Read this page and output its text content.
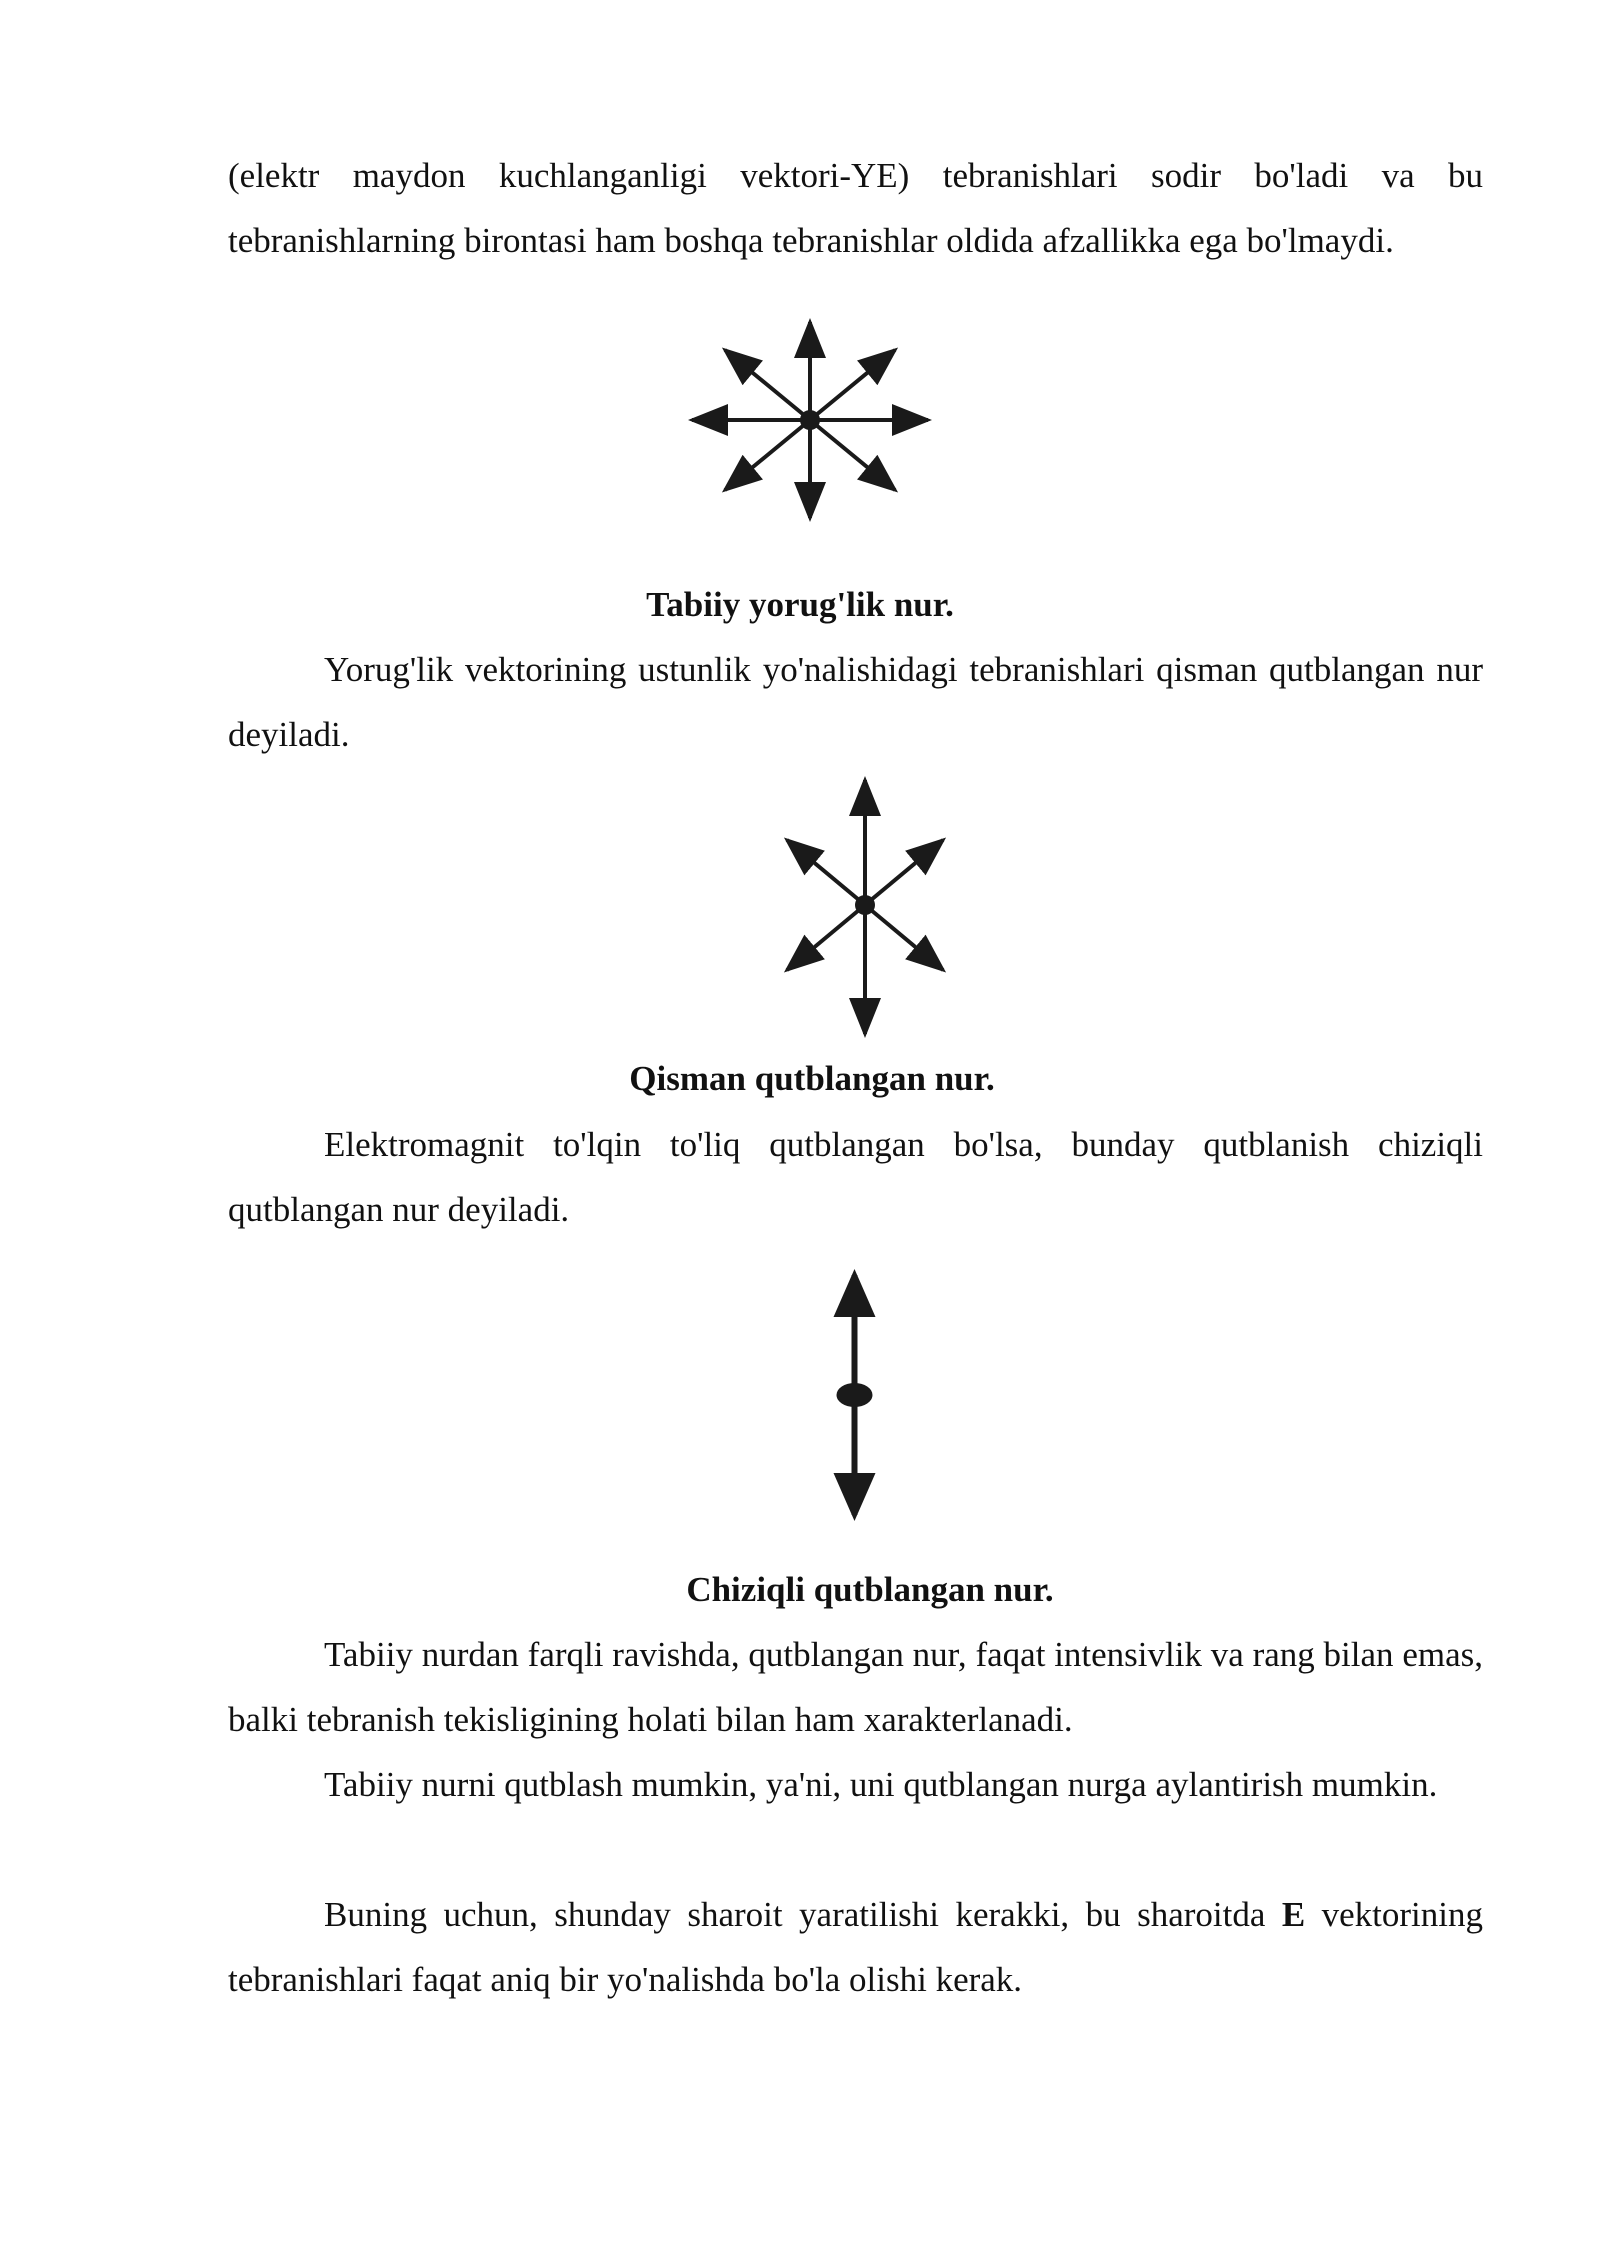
(elektr maydon kuchlanganligi vektori-YE) tebranishlari sodir bo'ladi va bu tebranishlarning birontasi ham boshqa tebranishlar oldida afzallikka ega bo'lmaydi.

Tabiiy yorug'lik nur.

Yorug'lik vektorining ustunlik yo'nalishidagi tebranishlari qisman qutblangan nur deyiladi.

Qisman qutblangan nur.

Elektromagnit to'lqin to'liq qutblangan bo'lsa, bunday qutblanish chiziqli qutblangan nur deyiladi.

Chiziqli qutblangan nur.

Tabiiy nurdan farqli ravishda, qutblangan nur, faqat intensivlik va rang bilan emas, balki tebranish tekisligining holati bilan ham xarakterlanadi.

Tabiiy nurni qutblash mumkin, ya'ni, uni qutblangan nurga aylantirish mumkin.

Buning uchun, shunday sharoit yaratilishi kerakki, bu sharoitda E vektorining tebranishlari faqat aniq bir yo'nalishda bo'la olishi kerak.
